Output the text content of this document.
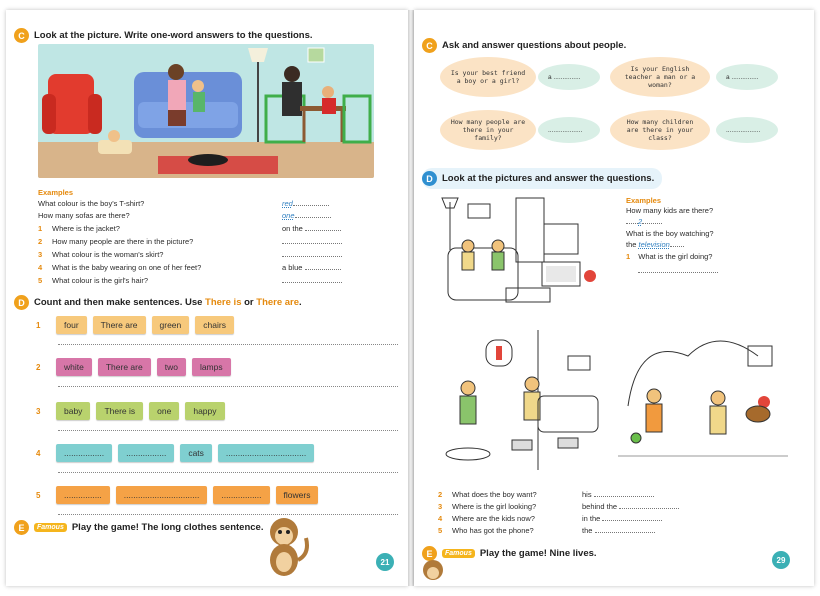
C Look at the picture. Write one-word answers to the questions.
Examples
What colour is the boy's T-shirt?	red
How many sofas are there?	one
1	Where is the jacket?	on the
2	How many people are there in the picture?
3	What colour is the woman's skirt?
4	What is the baby wearing on one of her feet?	a blue
5	What colour is the girl's hair?
D Count and then make sentences. Use There is or There are.
E	Famous Play the game! The long clothes sentence.
21
1	four	There are	green	chairs
2	white	There are	two	lamps
3	baby	There is	one	happy
4	.................	.................	cats	..................................
5	................	................................	.................	flowers
C Ask and answer questions about people.
Is your best friend a boy or a girl?	a ...............
Is your English teacher a man or a woman?
a ...............
How many people are there in your family?
...................
How many children are there in your class?
...................
D Look at the pictures and answer the questions.
Examples
How many kids are there?
2
What is the boy watching?
the television
1 What is the girl doing?
2	What does the boy want?	his
3	Where is the girl looking?	behind the
4	Where are the kids now?	in the
5	Who has got the phone?	the
E	Famous Play the game! Nine lives.
29
